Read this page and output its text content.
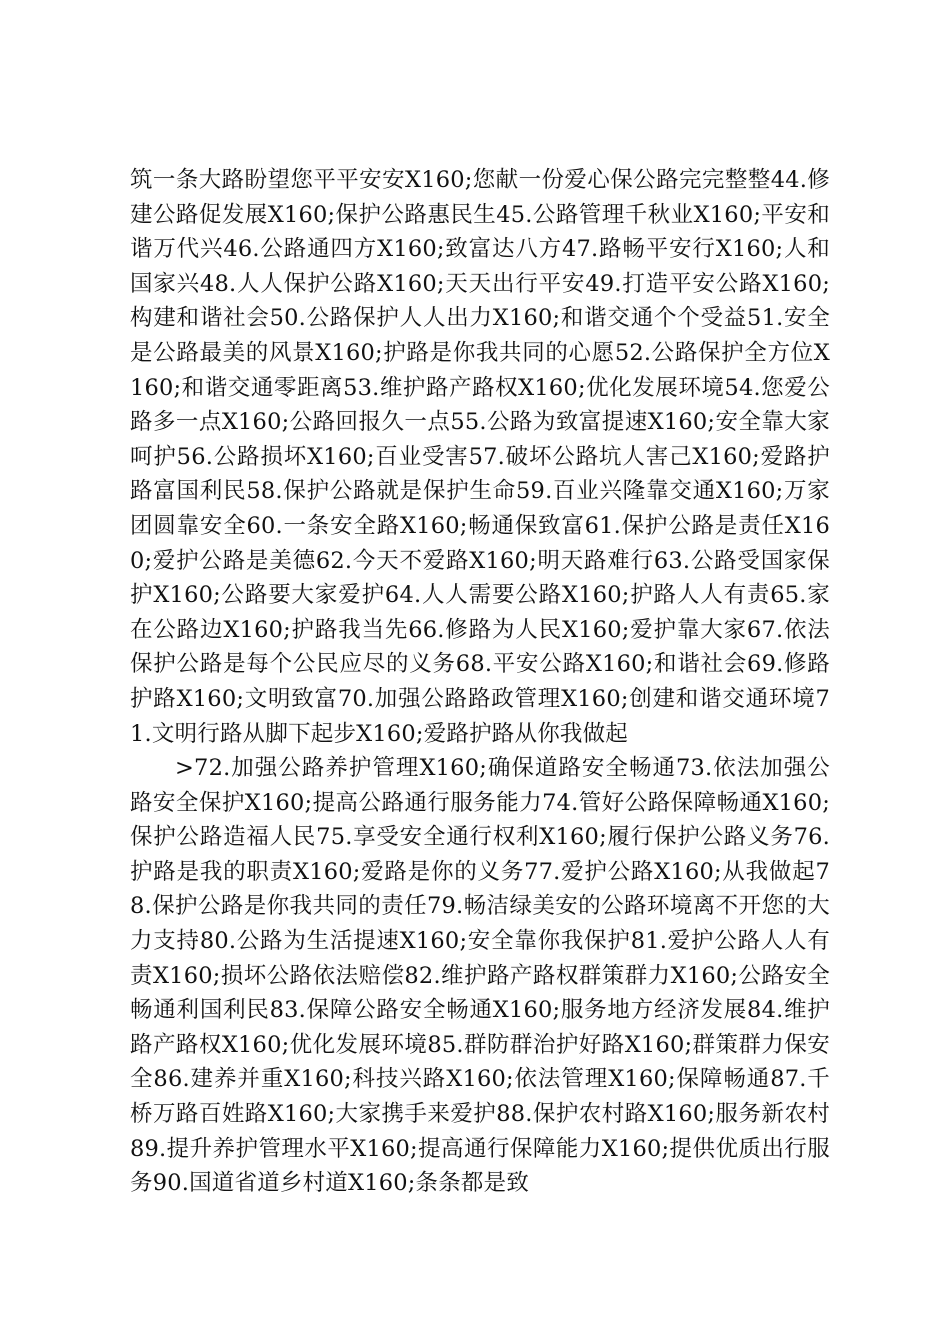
筑一条大路盼望您平平安安X160;您献一份爱心保公路完完整整44.修建公路促发展X160;保护公路惠民生45.公路管理千秋业X160;平安和谐万代兴46.公路通四方X160;致富达八方47.路畅平安行X160;人和国家兴48.人人保护公路X160;天天出行平安49.打造平安公路X160;构建和谐社会50.公路保护人人出力X160;和谐交通个个受益51.安全是公路最美的风景X160;护路是你我共同的心愿52.公路保护全方位X160;和谐交通零距离53.维护路产路权X160;优化发展环境54.您爱公路多一点X160;公路回报久一点55.公路为致富提速X160;安全靠大家呵护56.公路损坏X160;百业受害57.破坏公路坑人害己X160;爱路护路富国利民58.保护公路就是保护生命59.百业兴隆靠交通X160;万家团圆靠安全60.一条安全路X160;畅通保致富61.保护公路是责任X160;爱护公路是美德62.今天不爱路X160;明天路难行63.公路受国家保护X160;公路要大家爱护64.人人需要公路X160;护路人人有责65.家在公路边X160;护路我当先66.修路为人民X160;爱护靠大家67.依法保护公路是每个公民应尽的义务68.平安公路X160;和谐社会69.修路护路X160;文明致富70.加强公路路政管理X160;创建和谐交通环境71.文明行路从脚下起步X160;爱路护路从你我做起

>72.加强公路养护管理X160;确保道路安全畅通73.依法加强公路安全保护X160;提高公路通行服务能力74.管好公路保障畅通X160;保护公路造福人民75.享受安全通行权利X160;履行保护公路义务76.护路是我的职责X160;爱路是你的义务77.爱护公路X160;从我做起78.保护公路是你我共同的责任79.畅洁绿美安的公路环境离不开您的大力支持80.公路为生活提速X160;安全靠你我保护81.爱护公路人人有责X160;损坏公路依法赔偿82.维护路产路权群策群力X160;公路安全畅通利国利民83.保障公路安全畅通X160;服务地方经济发展84.维护路产路权X160;优化发展环境85.群防群治护好路X160;群策群力保安全86.建养并重X160;科技兴路X160;依法管理X160;保障畅通87.千桥万路百姓路X160;大家携手来爱护88.保护农村路X160;服务新农村89.提升养护管理水平X160;提高通行保障能力X160;提供优质出行服务90.国道省道乡村道X160;条条都是致
